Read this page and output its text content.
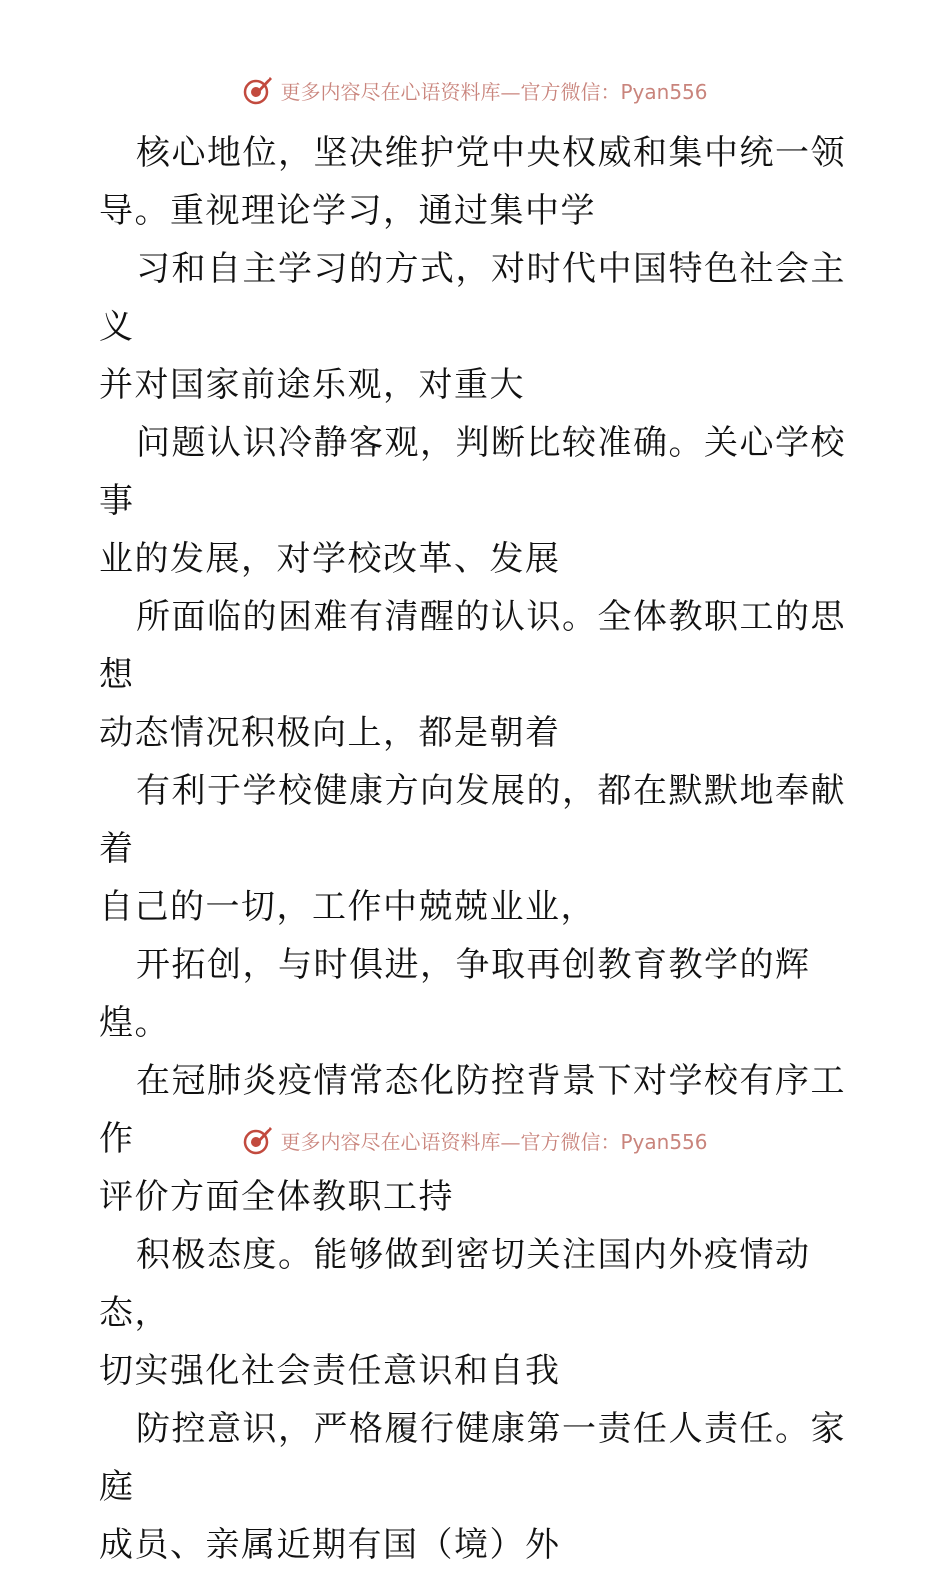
更多内容尽在心语资料库—官方微信：Pyan556

核心地位，坚决维护党中央权威和集中统一领
导。重视理论学习，通过集中学

习和自主学习的方式，对时代中国特色社会主义
并对国家前途乐观，对重大

问题认识冷静客观，判断比较准确。关心学校事
业的发展，对学校改革、发展

所面临的困难有清醒的认识。全体教职工的思想
动态情况积极向上，都是朝着

有利于学校健康方向发展的，都在默默地奉献着
自己的一切，工作中兢兢业业，

开拓创，与时俱进，争取再创教育教学的辉煌。

在冠肺炎疫情常态化防控背景下对学校有序工作
评价方面全体教职工持

积极态度。能够做到密切关注国内外疫情动态，
切实强化社会责任意识和自我

防控意识，严格履行健康第一责任人责任。家庭
成员、亲属近期有国（境）外

更多内容尽在心语资料库—官方微信：Pyan556
